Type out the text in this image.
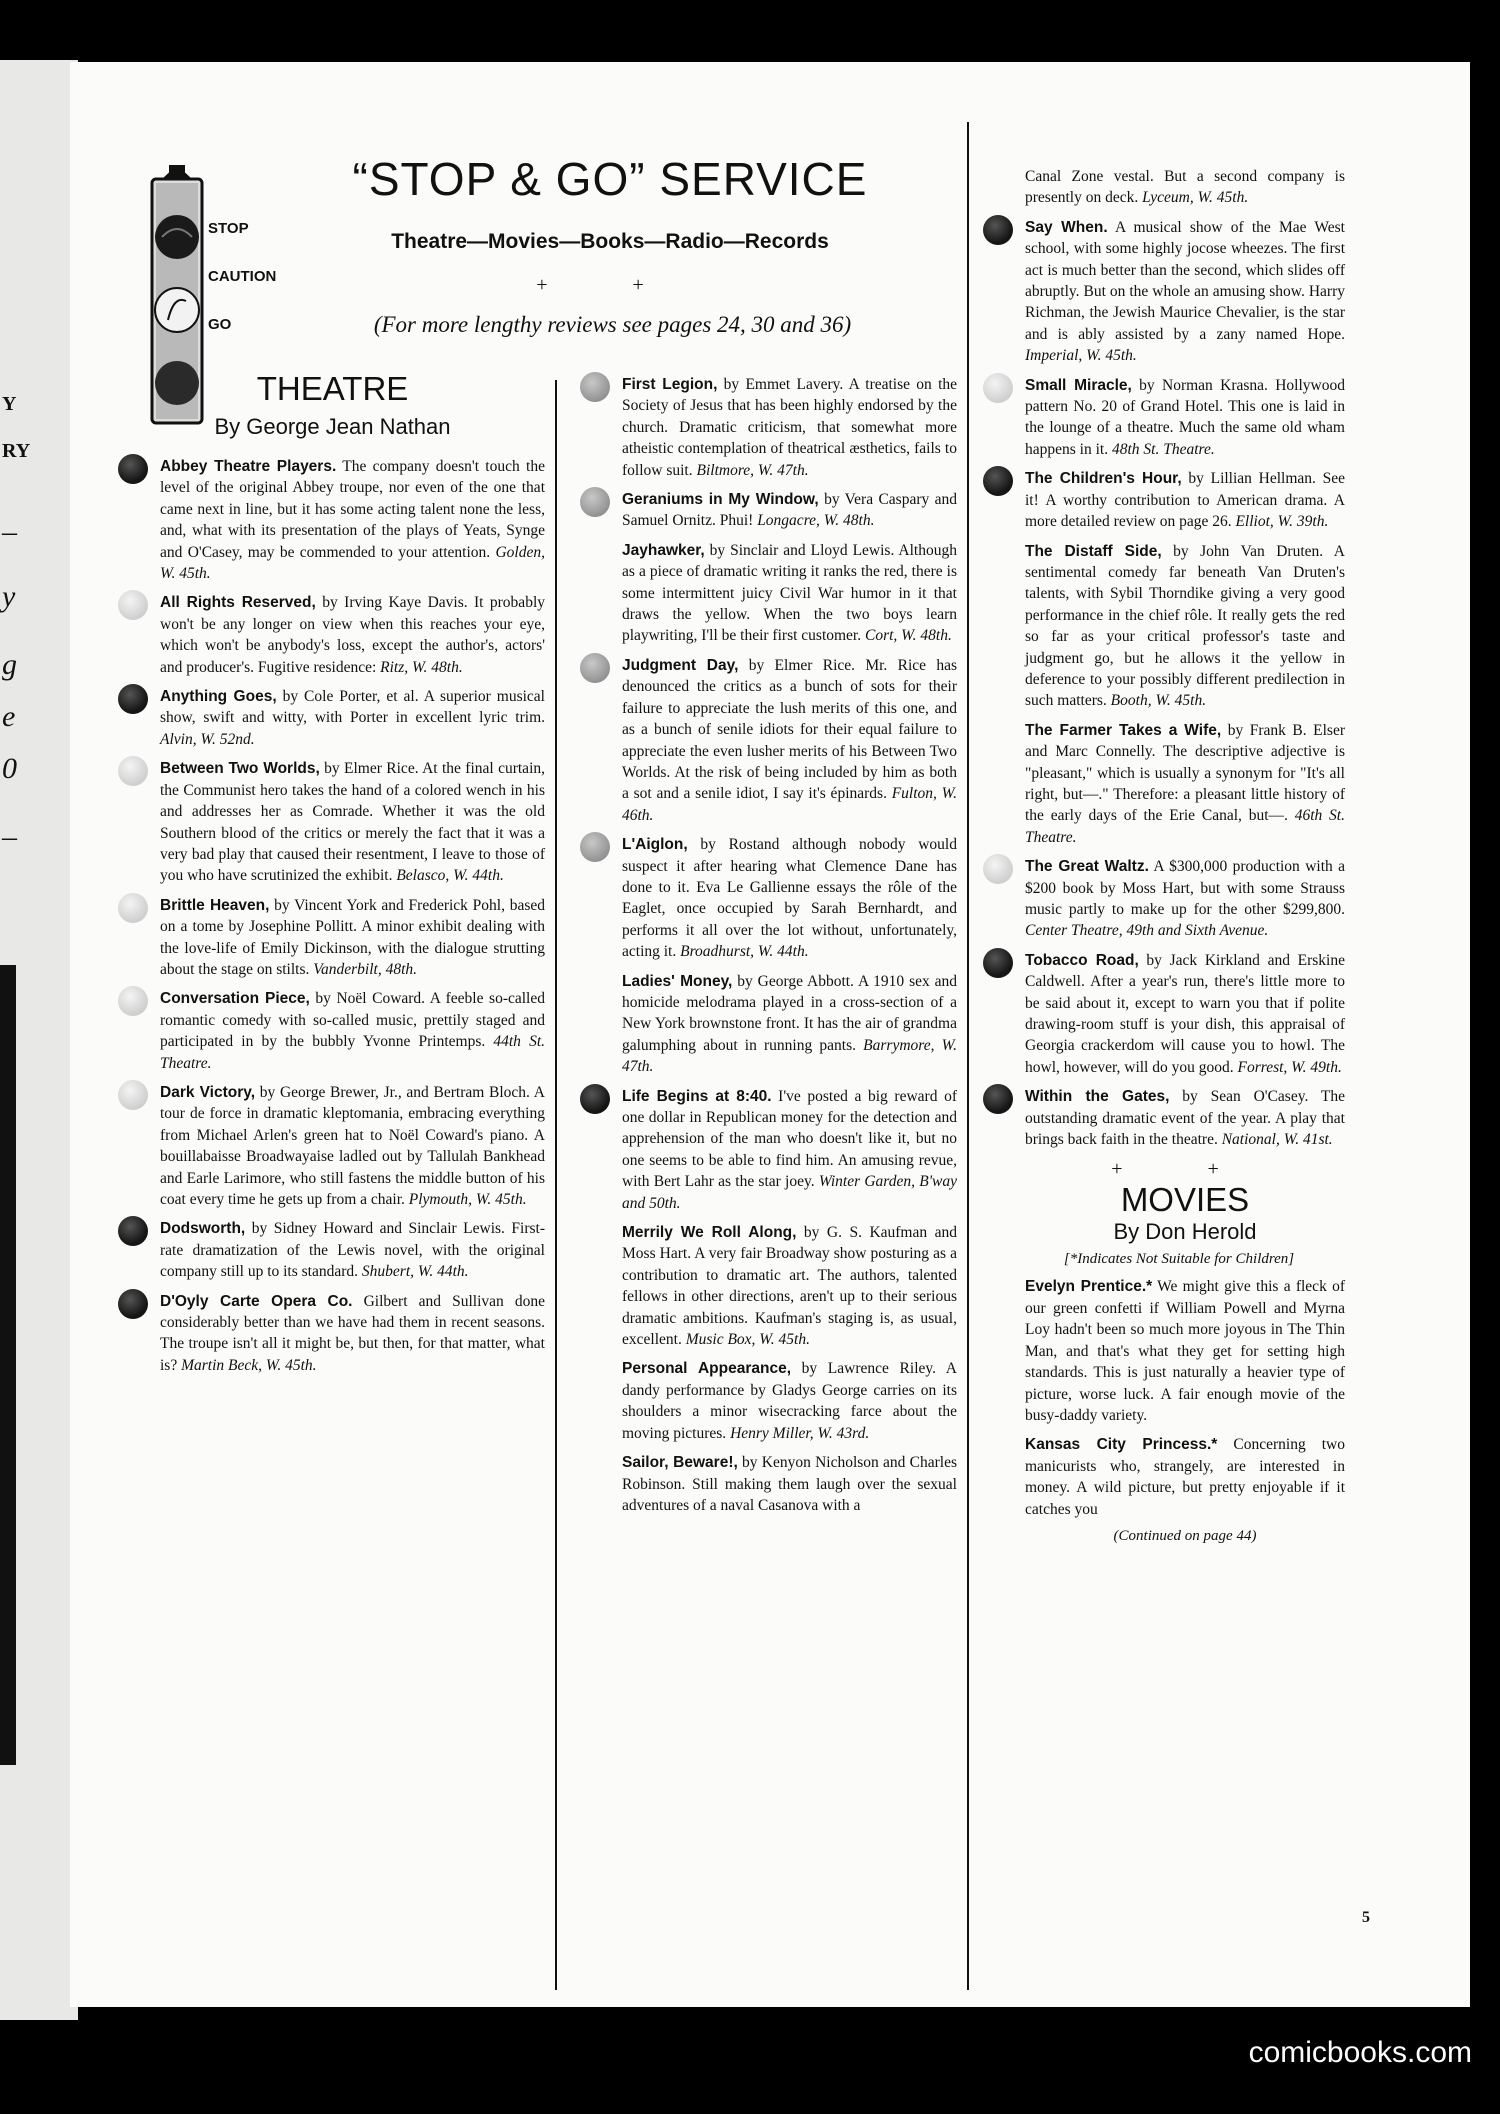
Y
RY
–
y
g
e
0
–
STOP
CAUTION
GO
“STOP & GO” SERVICE
Theatre—Movies—Books—Radio—Records
+ +
(For more lengthy reviews see pages 24, 30 and 36)
THEATRE
By George Jean Nathan
Abbey Theatre Players. The company doesn't touch the level of the original Abbey troupe, nor even of the one that came next in line, but it has some acting talent none the less, and, what with its presentation of the plays of Yeats, Synge and O'Casey, may be commended to your attention. Golden, W. 45th.
All Rights Reserved, by Irving Kaye Davis. It probably won't be any longer on view when this reaches your eye, which won't be anybody's loss, except the author's, actors' and producer's. Fugitive residence: Ritz, W. 48th.
Anything Goes, by Cole Porter, et al. A superior musical show, swift and witty, with Porter in excellent lyric trim. Alvin, W. 52nd.
Between Two Worlds, by Elmer Rice. At the final curtain, the Communist hero takes the hand of a colored wench in his and addresses her as Comrade. Whether it was the old Southern blood of the critics or merely the fact that it was a very bad play that caused their resentment, I leave to those of you who have scrutinized the exhibit. Belasco, W. 44th.
Brittle Heaven, by Vincent York and Frederick Pohl, based on a tome by Josephine Pollitt. A minor exhibit dealing with the love-life of Emily Dickinson, with the dialogue strutting about the stage on stilts. Vanderbilt, 48th.
Conversation Piece, by Noël Coward. A feeble so-called romantic comedy with so-called music, prettily staged and participated in by the bubbly Yvonne Printemps. 44th St. Theatre.
Dark Victory, by George Brewer, Jr., and Bertram Bloch. A tour de force in dramatic kleptomania, embracing everything from Michael Arlen's green hat to Noël Coward's piano. A bouillabaisse Broadwayaise ladled out by Tallulah Bankhead and Earle Larimore, who still fastens the middle button of his coat every time he gets up from a chair. Plymouth, W. 45th.
Dodsworth, by Sidney Howard and Sinclair Lewis. First-rate dramatization of the Lewis novel, with the original company still up to its standard. Shubert, W. 44th.
D'Oyly Carte Opera Co. Gilbert and Sullivan done considerably better than we have had them in recent seasons. The troupe isn't all it might be, but then, for that matter, what is? Martin Beck, W. 45th.
First Legion, by Emmet Lavery. A treatise on the Society of Jesus that has been highly endorsed by the church. Dramatic criticism, that somewhat more atheistic contemplation of theatrical æsthetics, fails to follow suit. Biltmore, W. 47th.
Geraniums in My Window, by Vera Caspary and Samuel Ornitz. Phui! Longacre, W. 48th.
Jayhawker, by Sinclair and Lloyd Lewis. Although as a piece of dramatic writing it ranks the red, there is some intermittent juicy Civil War humor in it that draws the yellow. When the two boys learn playwriting, I'll be their first customer. Cort, W. 48th.
Judgment Day, by Elmer Rice. Mr. Rice has denounced the critics as a bunch of sots for their failure to appreciate the lush merits of this one, and as a bunch of senile idiots for their equal failure to appreciate the even lusher merits of his Between Two Worlds. At the risk of being included by him as both a sot and a senile idiot, I say it's épinards. Fulton, W. 46th.
L'Aiglon, by Rostand although nobody would suspect it after hearing what Clemence Dane has done to it. Eva Le Gallienne essays the rôle of the Eaglet, once occupied by Sarah Bernhardt, and performs it all over the lot without, unfortunately, acting it. Broadhurst, W. 44th.
Ladies' Money, by George Abbott. A 1910 sex and homicide melodrama played in a cross-section of a New York brownstone front. It has the air of grandma galumphing about in running pants. Barrymore, W. 47th.
Life Begins at 8:40. I've posted a big reward of one dollar in Republican money for the detection and apprehension of the man who doesn't like it, but no one seems to be able to find him. An amusing revue, with Bert Lahr as the star joey. Winter Garden, B'way and 50th.
Merrily We Roll Along, by G. S. Kaufman and Moss Hart. A very fair Broadway show posturing as a contribution to dramatic art. The authors, talented fellows in other directions, aren't up to their serious dramatic ambitions. Kaufman's staging is, as usual, excellent. Music Box, W. 45th.
Personal Appearance, by Lawrence Riley. A dandy performance by Gladys George carries on its shoulders a minor wisecracking farce about the moving pictures. Henry Miller, W. 43rd.
Sailor, Beware!, by Kenyon Nicholson and Charles Robinson. Still making them laugh over the sexual adventures of a naval Casanova with a
Canal Zone vestal. But a second company is presently on deck. Lyceum, W. 45th.
Say When. A musical show of the Mae West school, with some highly jocose wheezes. The first act is much better than the second, which slides off abruptly. But on the whole an amusing show. Harry Richman, the Jewish Maurice Chevalier, is the star and is ably assisted by a zany named Hope. Imperial, W. 45th.
Small Miracle, by Norman Krasna. Hollywood pattern No. 20 of Grand Hotel. This one is laid in the lounge of a theatre. Much the same old wham happens in it. 48th St. Theatre.
The Children's Hour, by Lillian Hellman. See it! A worthy contribution to American drama. A more detailed review on page 26. Elliot, W. 39th.
The Distaff Side, by John Van Druten. A sentimental comedy far beneath Van Druten's talents, with Sybil Thorndike giving a very good performance in the chief rôle. It really gets the red so far as your critical professor's taste and judgment go, but he allows it the yellow in deference to your possibly different predilection in such matters. Booth, W. 45th.
The Farmer Takes a Wife, by Frank B. Elser and Marc Connelly. The descriptive adjective is "pleasant," which is usually a synonym for "It's all right, but—." Therefore: a pleasant little history of the early days of the Erie Canal, but—. 46th St. Theatre.
The Great Waltz. A $300,000 production with a $200 book by Moss Hart, but with some Strauss music partly to make up for the other $299,800. Center Theatre, 49th and Sixth Avenue.
Tobacco Road, by Jack Kirkland and Erskine Caldwell. After a year's run, there's little more to be said about it, except to warn you that if polite drawing-room stuff is your dish, this appraisal of Georgia crackerdom will cause you to howl. The howl, however, will do you good. Forrest, W. 49th.
Within the Gates, by Sean O'Casey. The outstanding dramatic event of the year. A play that brings back faith in the theatre. National, W. 41st.
+ +
MOVIES
By Don Herold
[*Indicates Not Suitable for Children]
Evelyn Prentice.* We might give this a fleck of our green confetti if William Powell and Myrna Loy hadn't been so much more joyous in The Thin Man, and that's what they get for setting high standards. This is just naturally a heavier type of picture, worse luck. A fair enough movie of the busy-daddy variety.
Kansas City Princess.* Concerning two manicurists who, strangely, are interested in money. A wild picture, but pretty enjoyable if it catches you
(Continued on page 44)
5
comicbooks.com
